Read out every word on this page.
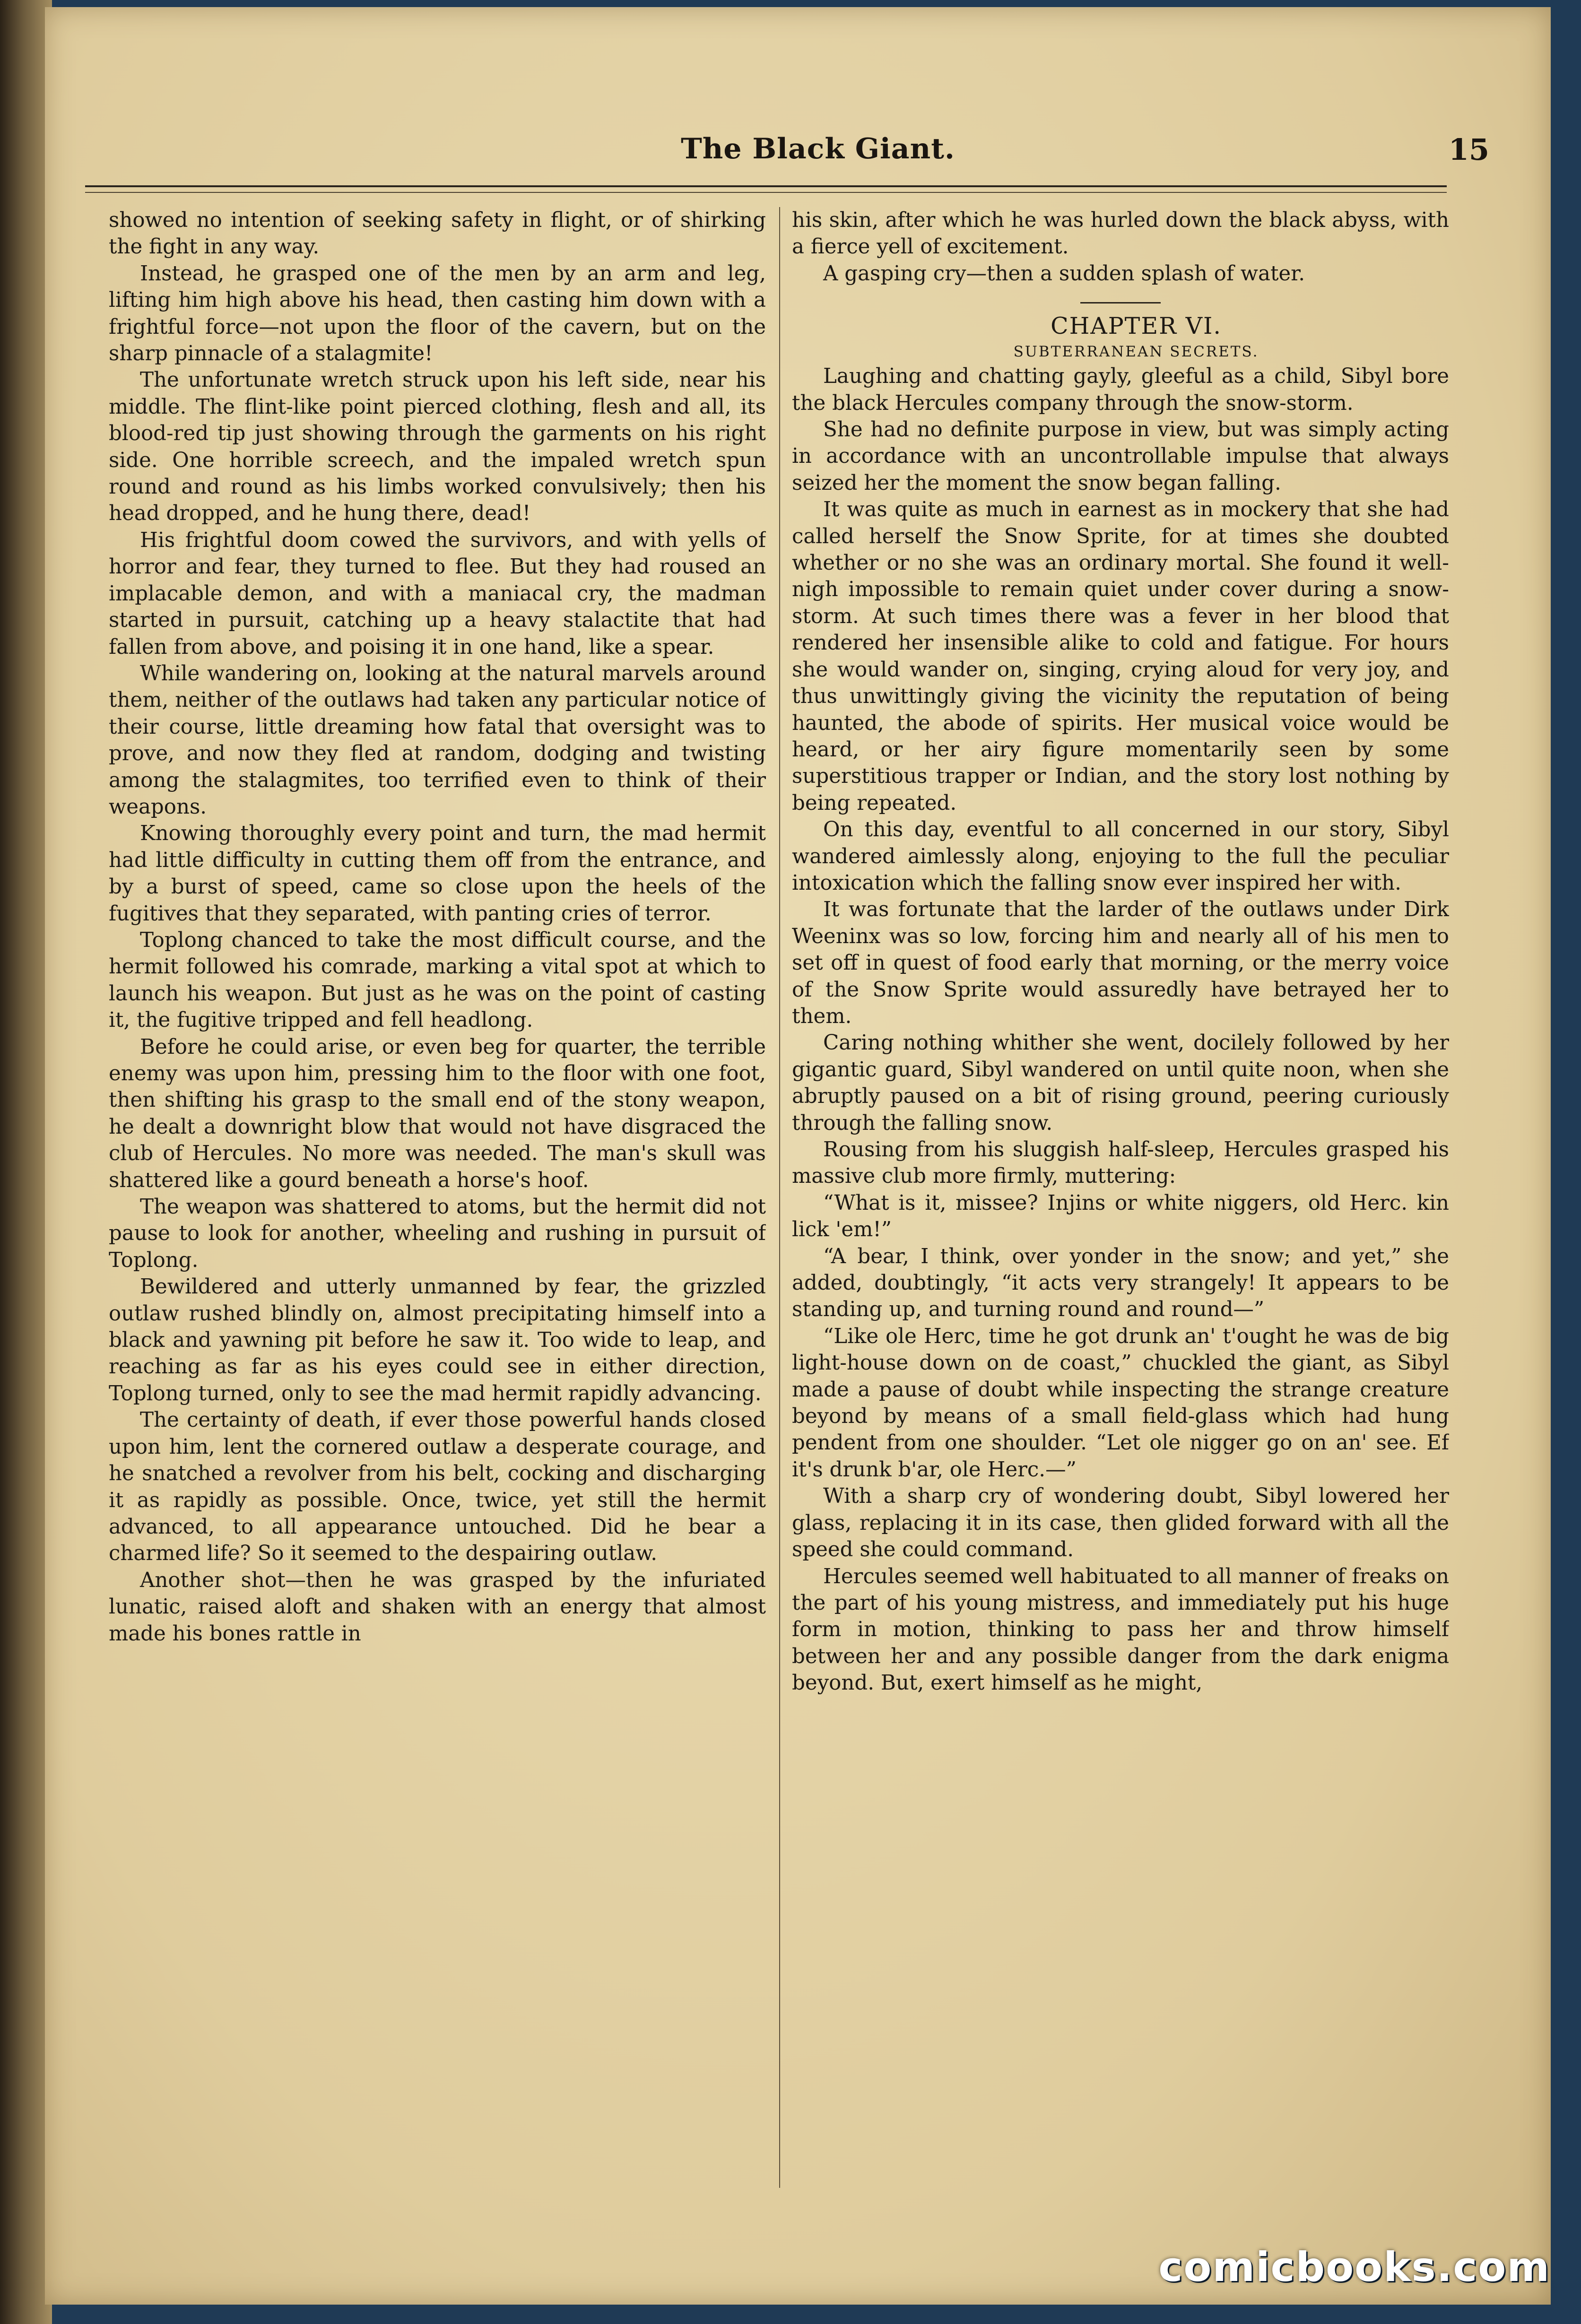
The Black Giant.	15

showed no intention of seeking safety in flight, or of shirking the fight in any way.

Instead, he grasped one of the men by an arm and leg, lifting him high above his head, then casting him down with a frightful force—not upon the floor of the cavern, but on the sharp pinnacle of a stalagmite!

The unfortunate wretch struck upon his left side, near his middle. The flint-like point pierced clothing, flesh and all, its blood-red tip just showing through the garments on his right side. One horrible screech, and the impaled wretch spun round and round as his limbs worked convulsively; then his head dropped, and he hung there, dead!

His frightful doom cowed the survivors, and with yells of horror and fear, they turned to flee. But they had roused an implacable demon, and with a maniacal cry, the madman started in pursuit, catching up a heavy stalactite that had fallen from above, and poising it in one hand, like a spear.

While wandering on, looking at the natural marvels around them, neither of the outlaws had taken any particular notice of their course, little dreaming how fatal that oversight was to prove, and now they fled at random, dodging and twisting among the stalagmites, too terrified even to think of their weapons.

Knowing thoroughly every point and turn, the mad hermit had little difficulty in cutting them off from the entrance, and by a burst of speed, came so close upon the heels of the fugitives that they separated, with panting cries of terror.

Toplong chanced to take the most difficult course, and the hermit followed his comrade, marking a vital spot at which to launch his weapon. But just as he was on the point of casting it, the fugitive tripped and fell headlong.

Before he could arise, or even beg for quarter, the terrible enemy was upon him, pressing him to the floor with one foot, then shifting his grasp to the small end of the stony weapon, he dealt a downright blow that would not have disgraced the club of Hercules. No more was needed. The man's skull was shattered like a gourd beneath a horse's hoof.

The weapon was shattered to atoms, but the hermit did not pause to look for another, wheeling and rushing in pursuit of Toplong.

Bewildered and utterly unmanned by fear, the grizzled outlaw rushed blindly on, almost precipitating himself into a black and yawning pit before he saw it. Too wide to leap, and reaching as far as his eyes could see in either direction, Toplong turned, only to see the mad hermit rapidly advancing.

The certainty of death, if ever those powerful hands closed upon him, lent the cornered outlaw a desperate courage, and he snatched a revolver from his belt, cocking and discharging it as rapidly as possible. Once, twice, yet still the hermit advanced, to all appearance untouched. Did he bear a charmed life? So it seemed to the despairing outlaw.

Another shot—then he was grasped by the infuriated lunatic, raised aloft and shaken with an energy that almost made his bones rattle in

his skin, after which he was hurled down the black abyss, with a fierce yell of excitement.

A gasping cry—then a sudden splash of water.

CHAPTER VI.

SUBTERRANEAN SECRETS.

Laughing and chatting gayly, gleeful as a child, Sibyl bore the black Hercules company through the snow-storm.

She had no definite purpose in view, but was simply acting in accordance with an uncontrollable impulse that always seized her the moment the snow began falling.

It was quite as much in earnest as in mockery that she had called herself the Snow Sprite, for at times she doubted whether or no she was an ordinary mortal. She found it well-nigh impossible to remain quiet under cover during a snow-storm. At such times there was a fever in her blood that rendered her insensible alike to cold and fatigue. For hours she would wander on, singing, crying aloud for very joy, and thus unwittingly giving the vicinity the reputation of being haunted, the abode of spirits. Her musical voice would be heard, or her airy figure momentarily seen by some superstitious trapper or Indian, and the story lost nothing by being repeated.

On this day, eventful to all concerned in our story, Sibyl wandered aimlessly along, enjoying to the full the peculiar intoxication which the falling snow ever inspired her with.

It was fortunate that the larder of the outlaws under Dirk Weeninx was so low, forcing him and nearly all of his men to set off in quest of food early that morning, or the merry voice of the Snow Sprite would assuredly have betrayed her to them.

Caring nothing whither she went, docilely followed by her gigantic guard, Sibyl wandered on until quite noon, when she abruptly paused on a bit of rising ground, peering curiously through the falling snow.

Rousing from his sluggish half-sleep, Hercules grasped his massive club more firmly, muttering:

“What is it, missee? Injins or white niggers, old Herc. kin lick 'em!”

“A bear, I think, over yonder in the snow; and yet,” she added, doubtingly, “it acts very strangely! It appears to be standing up, and turning round and round—”

“Like ole Herc, time he got drunk an' t'ought he was de big light-house down on de coast,” chuckled the giant, as Sibyl made a pause of doubt while inspecting the strange creature beyond by means of a small field-glass which had hung pendent from one shoulder. “Let ole nigger go on an' see. Ef it's drunk b'ar, ole Herc.—”

With a sharp cry of wondering doubt, Sibyl lowered her glass, replacing it in its case, then glided forward with all the speed she could command.

Hercules seemed well habituated to all manner of freaks on the part of his young mistress, and immediately put his huge form in motion, thinking to pass her and throw himself between her and any possible danger from the dark enigma beyond. But, exert himself as he might,

comicbooks.com
